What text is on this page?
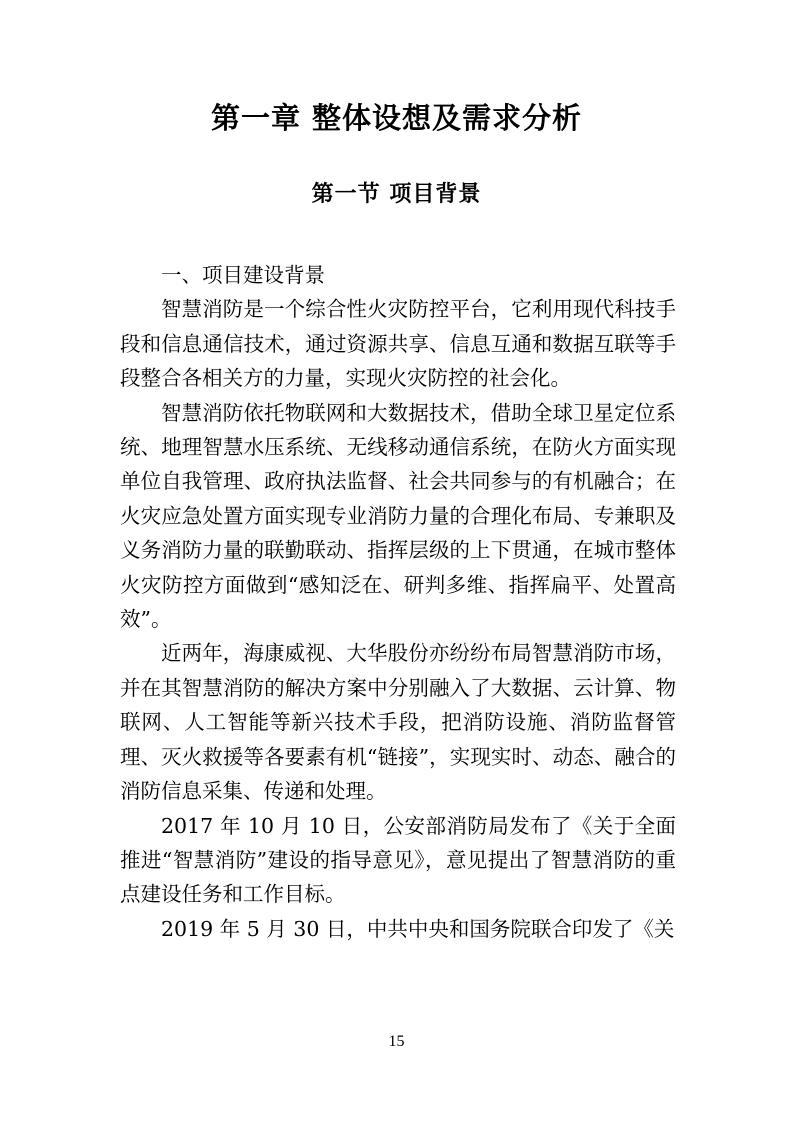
第一章 整体设想及需求分析
第一节 项目背景

一、项目建设背景

智慧消防是一个综合性火灾防控平台，它利用现代科技手段和信息通信技术，通过资源共享、信息互通和数据互联等手段整合各相关方的力量，实现火灾防控的社会化。

智慧消防依托物联网和大数据技术，借助全球卫星定位系统、地理智慧水压系统、无线移动通信系统，在防火方面实现单位自我管理、政府执法监督、社会共同参与的有机融合；在火灾应急处置方面实现专业消防力量的合理化布局、专兼职及义务消防力量的联勤联动、指挥层级的上下贯通，在城市整体火灾防控方面做到“感知泛在、研判多维、指挥扁平、处置高效”。

近两年，海康威视、大华股份亦纷纷布局智慧消防市场，并在其智慧消防的解决方案中分别融入了大数据、云计算、物联网、人工智能等新兴技术手段，把消防设施、消防监督管理、灭火救援等各要素有机“链接”，实现实时、动态、融合的消防信息采集、传递和处理。

2017 年 10 月 10 日，公安部消防局发布了《关于全面推进“智慧消防”建设的指导意见》，意见提出了智慧消防的重点建设任务和工作目标。

2019 年 5 月 30 日，中共中央和国务院联合印发了《关

15
